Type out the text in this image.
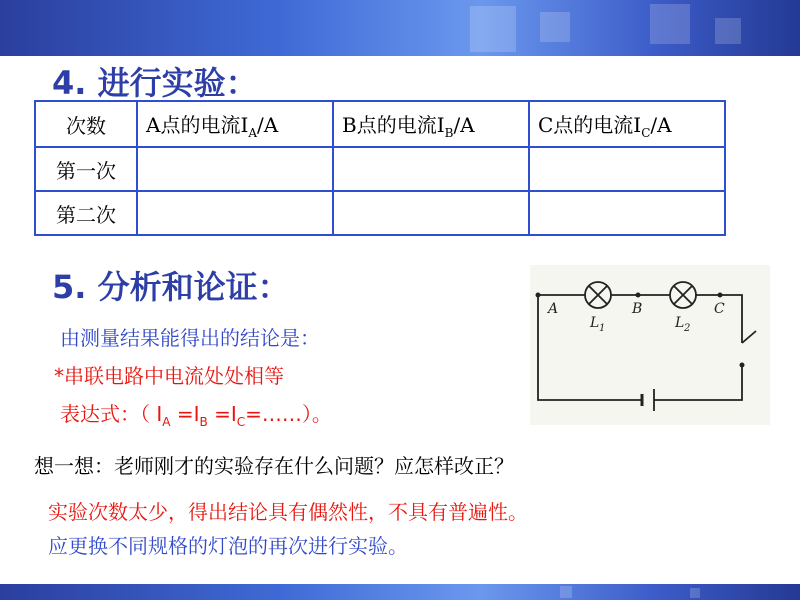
4. 进行实验：
次数	A点的电流$I_A/A$	B点的电流$I_B/A$	C点的电流$I_C/A$
第一次			
第二次			
5. 分析和论证：
由测量结果能得出的结论是：
*串联电路中电流处处相等
表达式：（ $I_A =I_B$ $=I_C=\dots\dots$）。
想一想：老师刚才的实验存在什么问题？应怎样改正？
实验次数太少，得出结论具有偶然性，不具有普遍性。
应更换不同规格的灯泡的再次进行实验。
A	B	C
L 1	L 2
